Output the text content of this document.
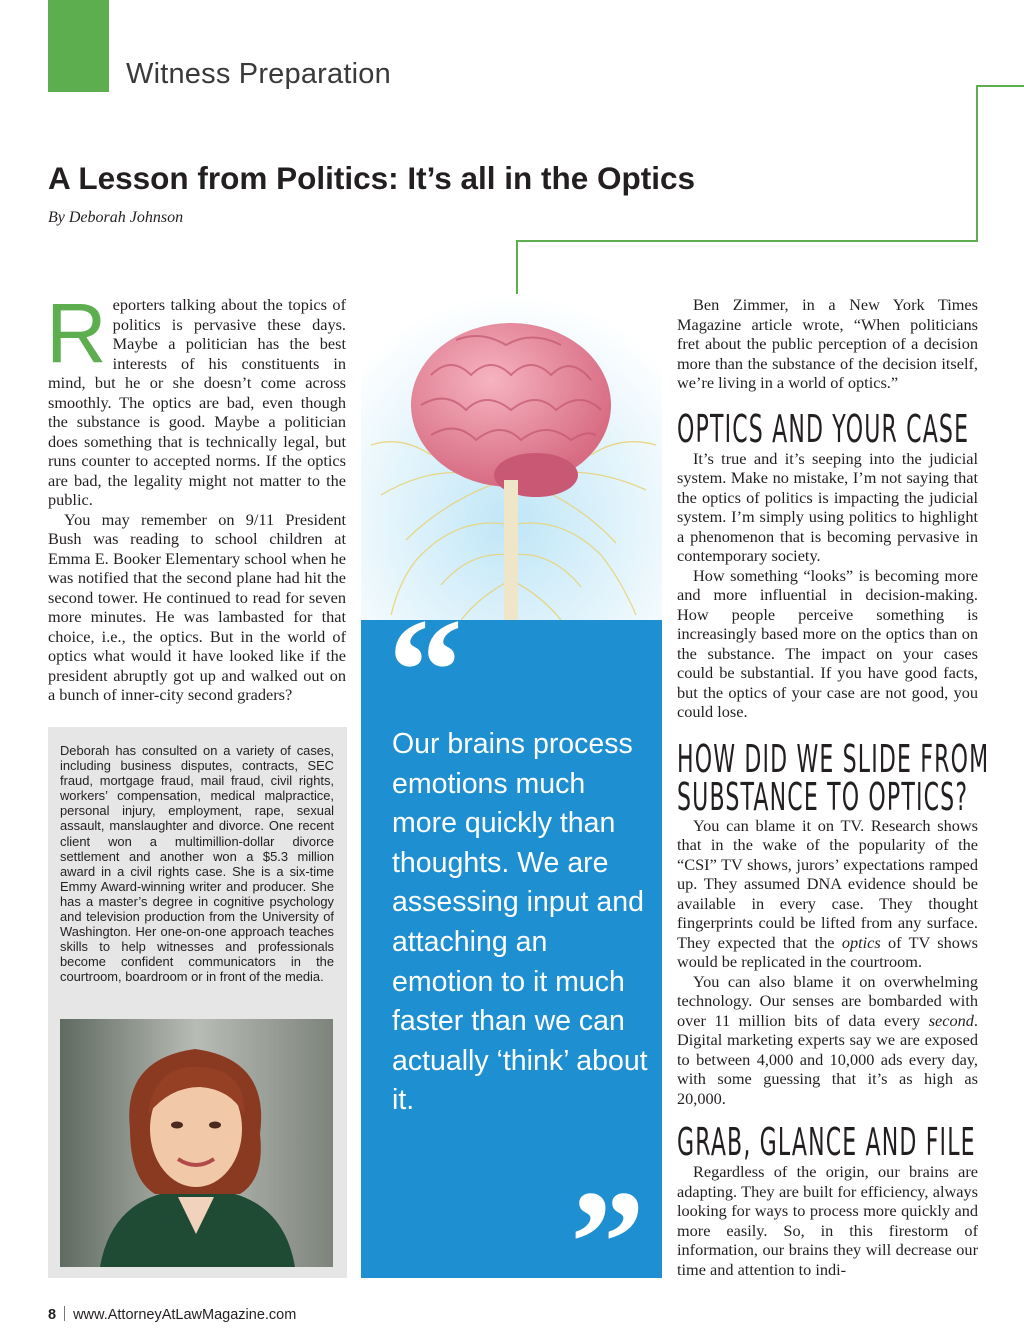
Witness Preparation
A Lesson from Politics: It’s all in the Optics
By Deborah Johnson

Reporters talking about the topics of politics is pervasive these days. Maybe a politician has the best interests of his constituents in mind, but he or she doesn’t come across smoothly. The optics are bad, even though the substance is good. Maybe a politician does something that is technically legal, but runs counter to accepted norms. If the optics are bad, the legality might not matter to the public.

You may remember on 9/11 President Bush was reading to school children at Emma E. Booker Elementary school when he was notified that the second plane had hit the second tower. He continued to read for seven more minutes. He was lambasted for that choice, i.e., the optics. But in the world of optics what would it have looked like if the president abruptly got up and walked out on a bunch of inner-city second graders?

Deborah has consulted on a variety of cases, including business disputes, contracts, SEC fraud, mortgage fraud, mail fraud, civil rights, workers’ compensation, medical malpractice, personal injury, employment, rape, sexual assault, manslaughter and divorce. One recent client won a multimillion-dollar divorce settlement and another won a $5.3 million award in a civil rights case. She is a six-time Emmy Award-winning writer and producer. She has a master’s degree in cognitive psychology and television production from the University of Washington. Her one-on-one approach teaches skills to help witnesses and professionals become confident communicators in the courtroom, boardroom or in front of the media.

“

Our brains process emotions much more quickly than thoughts. We are assessing input and attaching an emotion to it much faster than we can actually ‘think’ about it.

”

Ben Zimmer, in a New York Times Magazine article wrote, “When politicians fret about the public perception of a decision more than the substance of the decision itself, we’re living in a world of optics.”

OPTICS AND YOUR CASE

It’s true and it’s seeping into the judicial system. Make no mistake, I’m not saying that the optics of politics is impacting the judicial system. I’m simply using politics to highlight a phenomenon that is becoming pervasive in contemporary society.

How something “looks” is becoming more and more influential in decision-making. How people perceive something is increasingly based more on the optics than on the substance. The impact on your cases could be substantial. If you have good facts, but the optics of your case are not good, you could lose.

HOW DID WE SLIDE FROM
SUBSTANCE TO OPTICS?

You can blame it on TV. Research shows that in the wake of the popularity of the “CSI” TV shows, jurors’ expectations ramped up. They assumed DNA evidence should be available in every case. They thought fingerprints could be lifted from any surface. They expected that the optics of TV shows would be replicated in the courtroom.

You can also blame it on overwhelming technology. Our senses are bombarded with over 11 million bits of data every second. Digital marketing experts say we are exposed to between 4,000 and 10,000 ads every day, with some guessing that it’s as high as 20,000.

GRAB, GLANCE AND FILE

Regardless of the origin, our brains are adapting. They are built for efficiency, always looking for ways to process more quickly and more easily. So, in this firestorm of information, our brains they will decrease our time and attention to indi-

8 www.AttorneyAtLawMagazine.com
